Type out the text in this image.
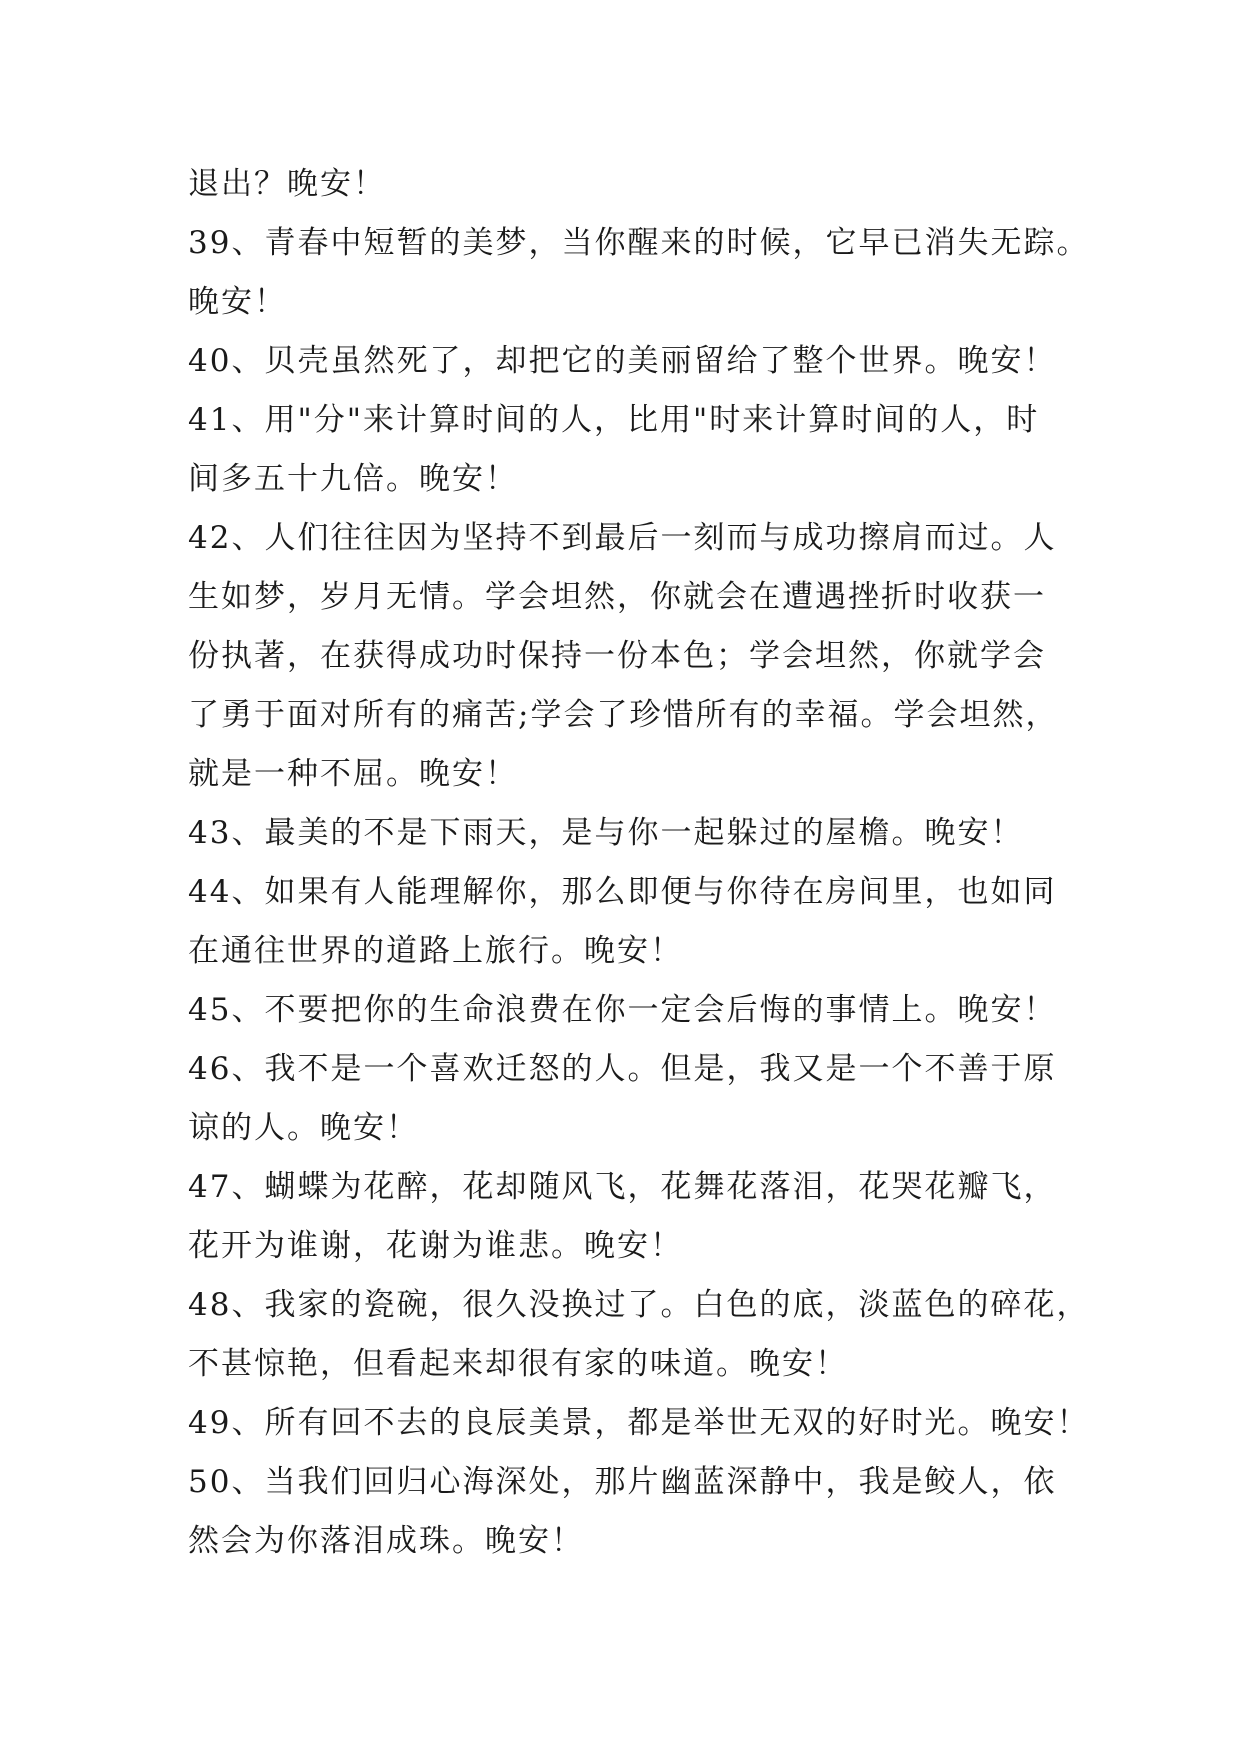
退出？晚安！
39、青春中短暂的美梦，当你醒来的时候，它早已消失无踪。
晚安！
40、贝壳虽然死了，却把它的美丽留给了整个世界。晚安！
41、用"分"来计算时间的人，比用"时来计算时间的人，时
间多五十九倍。晚安！
42、人们往往因为坚持不到最后一刻而与成功擦肩而过。人
生如梦，岁月无情。学会坦然，你就会在遭遇挫折时收获一
份执著，在获得成功时保持一份本色；学会坦然，你就学会
了勇于面对所有的痛苦;学会了珍惜所有的幸福。学会坦然，
就是一种不屈。晚安！
43、最美的不是下雨天，是与你一起躲过的屋檐。晚安！
44、如果有人能理解你，那么即便与你待在房间里，也如同
在通往世界的道路上旅行。晚安！
45、不要把你的生命浪费在你一定会后悔的事情上。晚安！
46、我不是一个喜欢迁怒的人。但是，我又是一个不善于原
谅的人。晚安！
47、蝴蝶为花醉，花却随风飞，花舞花落泪，花哭花瓣飞，
花开为谁谢，花谢为谁悲。晚安！
48、我家的瓷碗，很久没换过了。白色的底，淡蓝色的碎花，
不甚惊艳，但看起来却很有家的味道。晚安！
49、所有回不去的良辰美景，都是举世无双的好时光。晚安！
50、当我们回归心海深处，那片幽蓝深静中，我是鲛人，依
然会为你落泪成珠。晚安！
